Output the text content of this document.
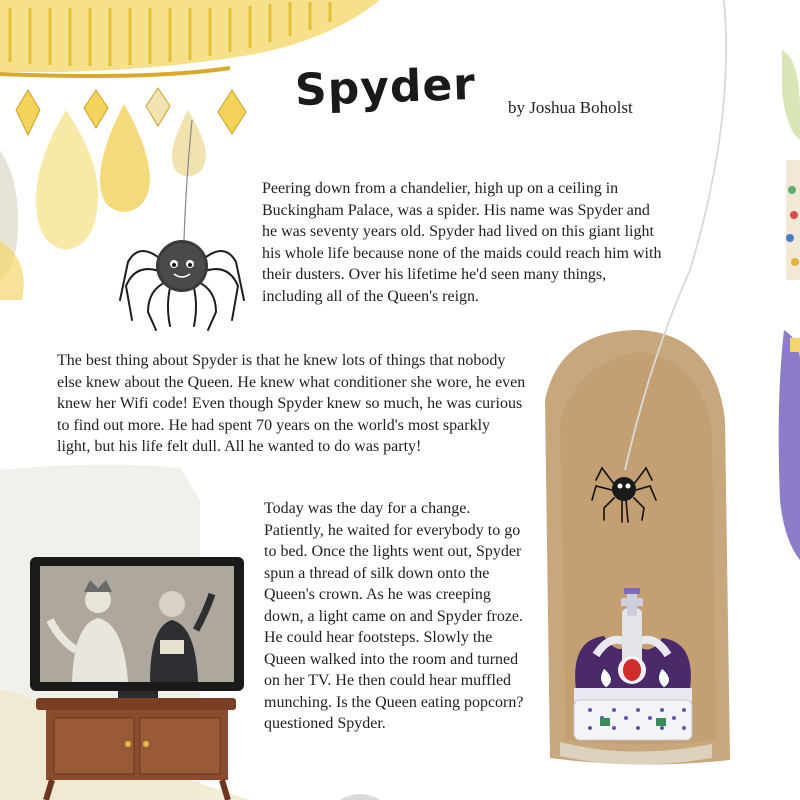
Spyder by Joshua Boholst

Peering down from a chandelier, high up on a ceiling in Buckingham Palace, was a spider. His name was Spyder and he was seventy years old. Spyder had lived on this giant light his whole life because none of the maids could reach him with their dusters. Over his lifetime he'd seen many things, including all of the Queen's reign.

The best thing about Spyder is that he knew lots of things that nobody else knew about the Queen. He knew what conditioner she wore, he even knew her Wifi code! Even though Spyder knew so much, he was curious to find out more. He had spent 70 years on the world's most sparkly light, but his life felt dull. All he wanted to do was party!

Today was the day for a change. Patiently, he waited for everybody to go to bed. Once the lights went out, Spyder spun a thread of silk down onto the Queen's crown. As he was creeping down, a light came on and Spyder froze. He could hear footsteps. Slowly the Queen walked into the room and turned on her TV. He then could hear muffled munching. Is the Queen eating popcorn? questioned Spyder.
